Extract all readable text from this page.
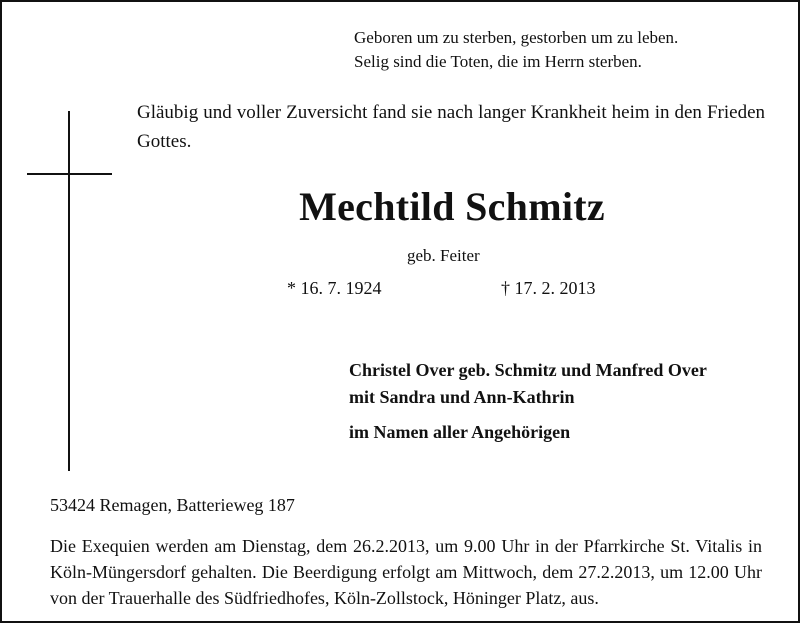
Geboren um zu sterben, gestorben um zu leben.
Selig sind die Toten, die im Herrn sterben.
Gläubig und voller Zuversicht fand sie nach langer Krankheit heim in den Frieden Gottes.
Mechtild Schmitz
geb. Feiter
* 16. 7. 1924	† 17. 2. 2013
Christel Over geb. Schmitz und Manfred Over
mit Sandra und Ann-Kathrin
im Namen aller Angehörigen
53424 Remagen, Batterieweg 187
Die Exequien werden am Dienstag, dem 26.2.2013, um 9.00 Uhr in der Pfarrkirche St. Vitalis in Köln-Müngersdorf gehalten. Die Beerdigung erfolgt am Mittwoch, dem 27.2.2013, um 12.00 Uhr von der Trauerhalle des Südfriedhofes, Köln-Zollstock, Höninger Platz, aus.
